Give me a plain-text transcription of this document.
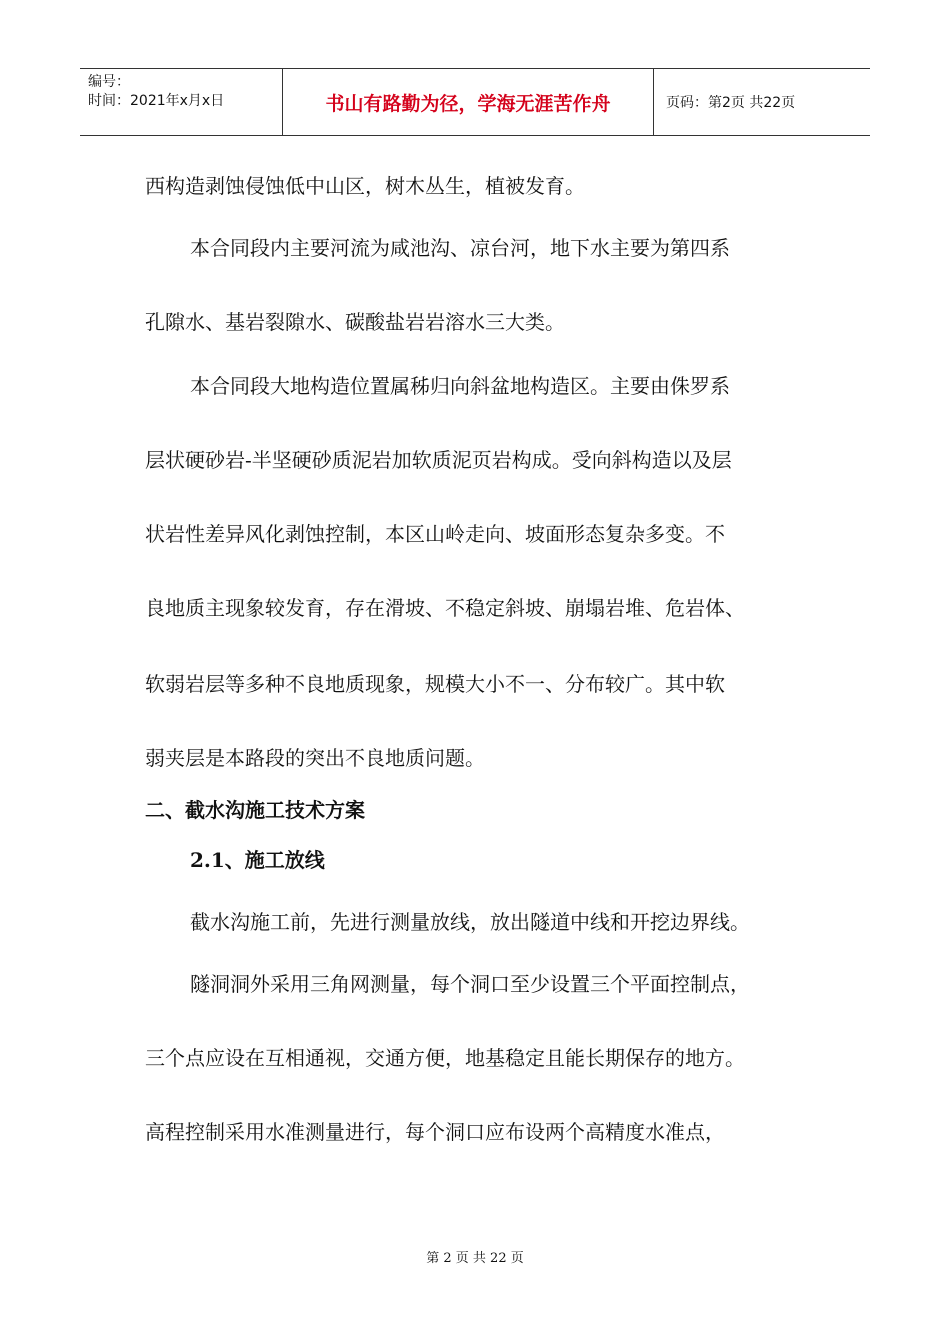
编号：
时间：2021年x月x日	书山有路勤为径，学海无涯苦作舟	页码：第2页 共22页
西构造剥蚀侵蚀低中山区，树木丛生，植被发育。
本合同段内主要河流为咸池沟、凉台河，地下水主要为第四系
孔隙水、基岩裂隙水、碳酸盐岩岩溶水三大类。
本合同段大地构造位置属秭归向斜盆地构造区。主要由侏罗系
层状硬砂岩-半坚硬砂质泥岩加软质泥页岩构成。受向斜构造以及层
状岩性差异风化剥蚀控制，本区山岭走向、坡面形态复杂多变。不
良地质主现象较发育，存在滑坡、不稳定斜坡、崩塌岩堆、危岩体、
软弱岩层等多种不良地质现象，规模大小不一、分布较广。其中软
弱夹层是本路段的突出不良地质问题。
二、截水沟施工技术方案
2.1、施工放线
截水沟施工前，先进行测量放线，放出隧道中线和开挖边界线。
隧洞洞外采用三角网测量，每个洞口至少设置三个平面控制点，
三个点应设在互相通视，交通方便，地基稳定且能长期保存的地方。
高程控制采用水准测量进行，每个洞口应布设两个高精度水准点，
第 2 页 共 22 页
